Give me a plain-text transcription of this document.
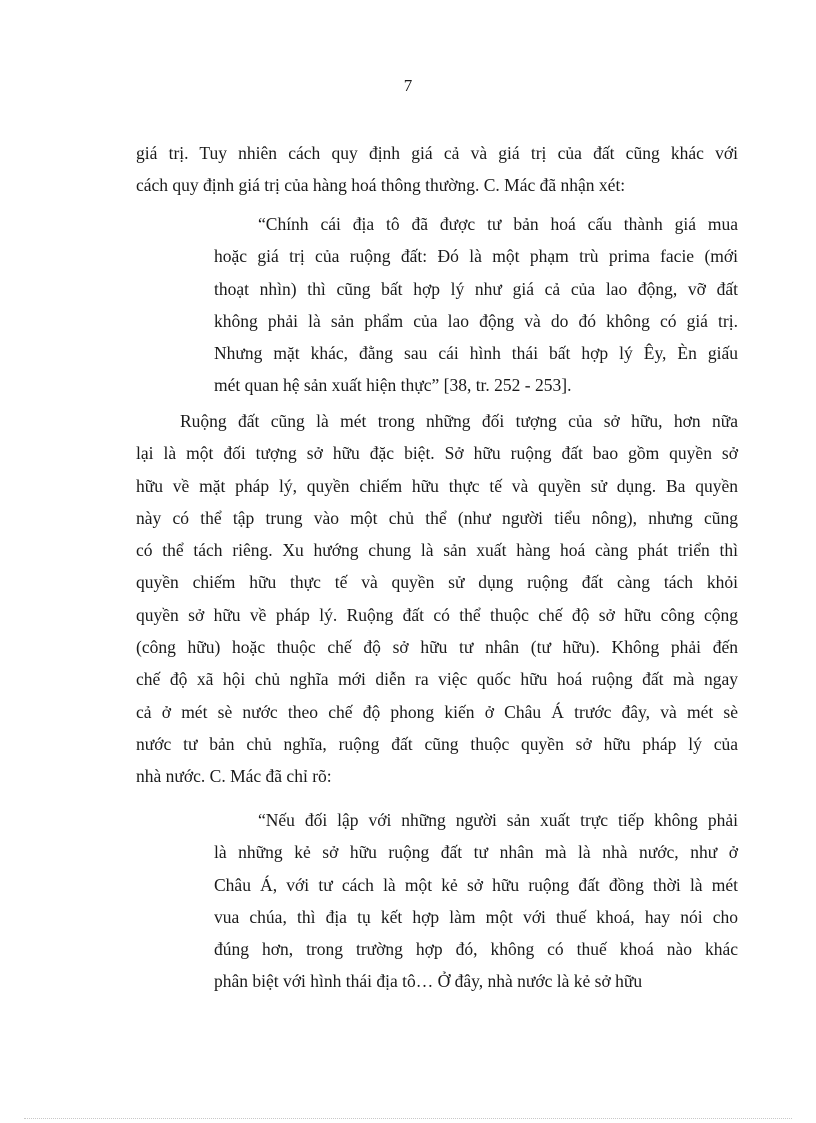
7
giá trị. Tuy nhiên cách quy định giá cả và giá trị của đất cũng khác với
cách quy định giá trị của hàng hoá thông thường. C. Mác đã nhận xét:
“Chính cái địa tô đã được tư bản hoá cấu thành giá mua
hoặc giá trị của ruộng đất: Đó là một phạm trù prima facie (mới
thoạt nhìn) thì cũng bất hợp lý như giá cả của lao động, vỡ đất
không phải là sản phẩm của lao động và do đó không có giá trị.
Nhưng mặt khác, đằng sau cái hình thái bất hợp lý Êy, Èn giấu
mét quan hệ sản xuất hiện thực” [38, tr. 252 - 253].
Ruộng đất cũng là mét trong những đối tượng của sở hữu, hơn nữa
lại là một đối tượng sở hữu đặc biệt. Sở hữu ruộng đất bao gồm quyền sở
hữu về mặt pháp lý, quyền chiếm hữu thực tế và quyền sử dụng. Ba quyền
này có thể tập trung vào một chủ thể (như người tiểu nông), nhưng cũng
có thể tách riêng. Xu hướng chung là sản xuất hàng hoá càng phát triển thì
quyền chiếm hữu thực tế và quyền sử dụng ruộng đất càng tách khỏi
quyền sở hữu về pháp lý. Ruộng đất có thể thuộc chế độ sở hữu công cộng
(công hữu) hoặc thuộc chế độ sở hữu tư nhân (tư hữu). Không phải đến
chế độ xã hội chủ nghĩa mới diễn ra việc quốc hữu hoá ruộng đất mà ngay
cả ở mét sè nước theo chế độ phong kiến ở Châu Á trước đây, và mét sè
nước tư bản chủ nghĩa, ruộng đất cũng thuộc quyền sở hữu pháp lý của
nhà nước. C. Mác đã chỉ rõ:
“Nếu đối lập với những người sản xuất trực tiếp không phải
là những kẻ sở hữu ruộng đất tư nhân mà là nhà nước, như ở
Châu Á, với tư cách là một kẻ sở hữu ruộng đất đồng thời là mét
vua chúa, thì địa tụ kết hợp làm một với thuế khoá, hay nói cho
đúng hơn, trong trường hợp đó, không có thuế khoá nào khác
phân biệt với hình thái địa tô… Ở đây, nhà nước là kẻ sở hữu
